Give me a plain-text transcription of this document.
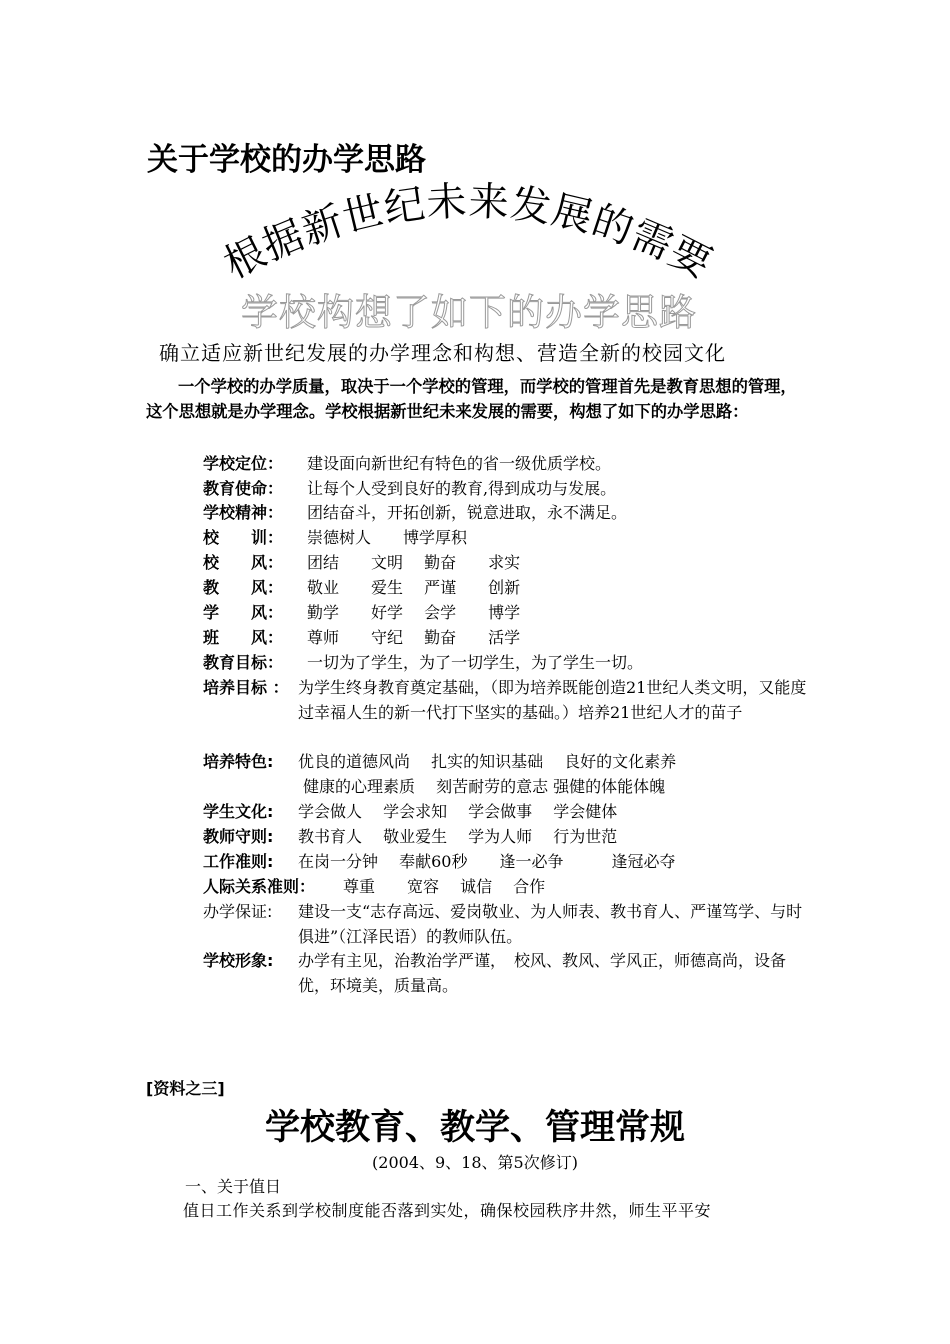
关于学校的办学思路
根据新世纪未来发展的需要
学校构想了如下的办学思路
确立适应新世纪发展的办学理念和构想、营造全新的校园文化
一个学校的办学质量，取决于一个学校的管理，而学校的管理首先是教育思想的管理，这个思想就是办学理念。学校根据新世纪未来发展的需要，构想了如下的办学思路：
学校定位： 建设面向新世纪有特色的省一级优质学校。
教育使命： 让每个人受到良好的教育,得到成功与发展。
学校精神： 团结奋斗，开拓创新，锐意进取，永不满足。
校　　训： 崇德树人　　博学厚积
校　　风： 团结　　文明　 勤奋　　求实
教　　风： 敬业　　爱生　 严谨　　创新
学　　风： 勤学　　好学　 会学　　博学
班　　风： 尊师　　守纪　 勤奋　　活学
教育目标： 一切为了学生，为了一切学生，为了学生一切。
培养目标 ： 为学生终身教育奠定基础，（即为培养既能创造21世纪人类文明，又能度过幸福人生的新一代打下坚实的基础。）培养21世纪人才的苗子
培养特色: 优良的道德风尚　 扎实的知识基础　 良好的文化素养
健康的心理素质　 刻苦耐劳的意志 强健的体能体魄
学生文化: 学会做人　 学会求知　 学会做事　 学会健体
教师守则: 教书育人　 敬业爱生　 学为人师　 行为世范
工作准则: 在岗一分钟　 奉献60秒　　逢一必争　　　逢冠必夺
人际关系准则： 尊重　　宽容　 诚信　 合作
办学保证: 建设一支“志存高远、爱岗敬业、为人师表、教书育人、严谨笃学、与时俱进”（江泽民语）的教师队伍。
学校形象: 办学有主见，治教治学严谨，　校风、教风、学风正，师德高尚，设备优，环境美，质量高。
[资料之三]
学校教育、教学、管理常规
(2004、9、18、第5次修订)
一、关于值日
值日工作关系到学校制度能否落到实处，确保校园秩序井然，师生平平安
